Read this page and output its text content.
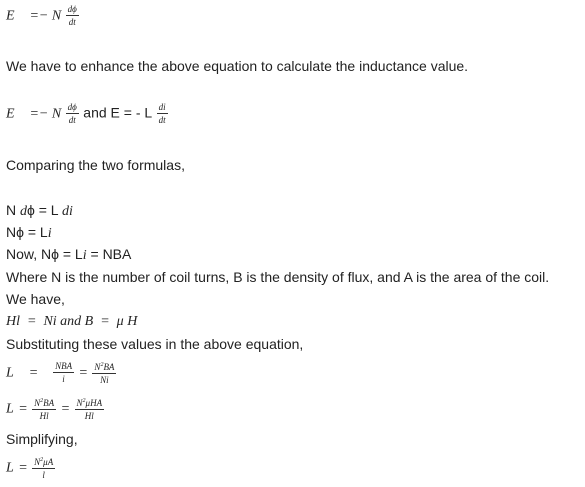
E =− N $\frac{d\phi}{dt}$
We have to enhance the above equation to calculate the inductance value.
E =− N $\frac{d\phi}{dt}$ and E = - L $\frac{di}{dt}$
Comparing the two formulas,
N dϕ = L di
Nϕ = Li
Now, Nϕ = Li = NBA
Where N is the number of coil turns, B is the density of flux, and A is the area of the coil.
We have,
Hl  =  Ni and B  =  μ H
Substituting these values in the above equation,
$L = \frac{\text{NBA}}{i} = \frac{N^2BA}{Ni}$
$L = \frac{N^2BA}{Hl} = \frac{N^2\mu HA}{Hl}$
Simplifying,
$L = \frac{N^2\mu A}{l}$
